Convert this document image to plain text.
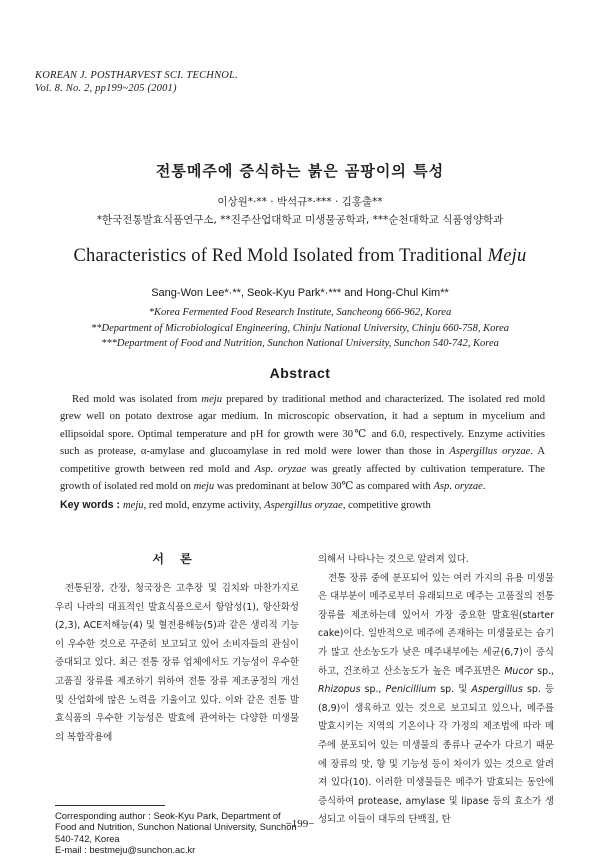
KOREAN J. POSTHARVEST SCI. TECHNOL.
Vol. 8. No. 2, pp199~205 (2001)
전통메주에 증식하는 붉은 곰팡이의 특성
이상원*·** · 박석규*·*** · 김홍출**
*한국전통발효식품연구소, **진주산업대학교 미생물공학과, ***순천대학교 식품영양학과
Characteristics of Red Mold Isolated from Traditional Meju
Sang-Won Lee*·**, Seok-Kyu Park*·*** and Hong-Chul Kim**
*Korea Fermented Food Research Institute, Sancheong 666-962, Korea
**Department of Microbiological Engineering, Chinju National University, Chinju 660-758, Korea
***Department of Food and Nutrition, Sunchon National University, Sunchon 540-742, Korea
Abstract
Red mold was isolated from meju prepared by traditional method and characterized. The isolated red mold grew well on potato dextrose agar medium. In microscopic observation, it had a septum in mycelium and ellipsoidal spore. Optimal temperature and pH for growth were 30℃ and 6.0, respectively. Enzyme activities such as protease, α-amylase and glucoamylase in red mold were lower than those in Aspergillus oryzae. A competitive growth between red mold and Asp. oryzae was greatly affected by cultivation temperature. The growth of isolated red mold on meju was predominant at below 30℃ as compared with Asp. oryzae.
Key words : meju, red mold, enzyme activity, Aspergillus oryzae, competitive growth
서 론

전통된장, 간장, 청국장은 고추장 및 김치와 마찬가지로 우리 나라의 대표적인 발효식품으로서 항암성(1), 항산화성(2,3), ACE저해능(4) 및 혈전용해능(5)과 같은 생리적 기능이 우수한 것으로 꾸준히 보고되고 있어 소비자들의 관심이 증대되고 있다. 최근 전통 장류 업체에서도 기능성이 우수한 고품질 장류를 제조하기 위하여 전통 장류 제조공정의 개선 및 산업화에 많은 노력을 기울이고 있다. 이와 같은 전통 발효식품의 우수한 기능성은 발효에 관여하는 다양한 미생물의 복합작용에

의해서 나타나는 것으로 알려져 있다.

전통 장류 중에 분포되어 있는 여러 가지의 유용 미생물은 대부분이 메주로부터 유래되므로 메주는 고품질의 전통 장류를 제조하는데 있어서 가장 중요한 발효원(starter cake)이다. 일반적으로 메주에 존재하는 미생물로는 습기가 많고 산소농도가 낮은 메주내부에는 세균(6,7)이 증식하고, 건조하고 산소농도가 높은 메주표면은 Mucor sp., Rhizopus sp., Penicillium sp. 및 Aspergillus sp. 등(8,9)이 생육하고 있는 것으로 보고되고 있으나, 메주를 발효시키는 지역의 기온이나 각 가정의 제조법에 따라 메주에 분포되어 있는 미생물의 종류나 균수가 다르기 때문에 장류의 맛, 향 및 기능성 등이 차이가 있는 것으로 알려져 있다(10). 이러한 미생물들은 메주가 발효되는 동안에 증식하여 protease, amylase 및 lipase 등의 효소가 생성되고 이들이 대두의 단백질, 탄

Corresponding author : Seok-Kyu Park, Department of Food and Nutrition, Sunchon National University, Sunchon 540-742, Korea
E-mail : bestmeju@sunchon.ac.kr
−199−
